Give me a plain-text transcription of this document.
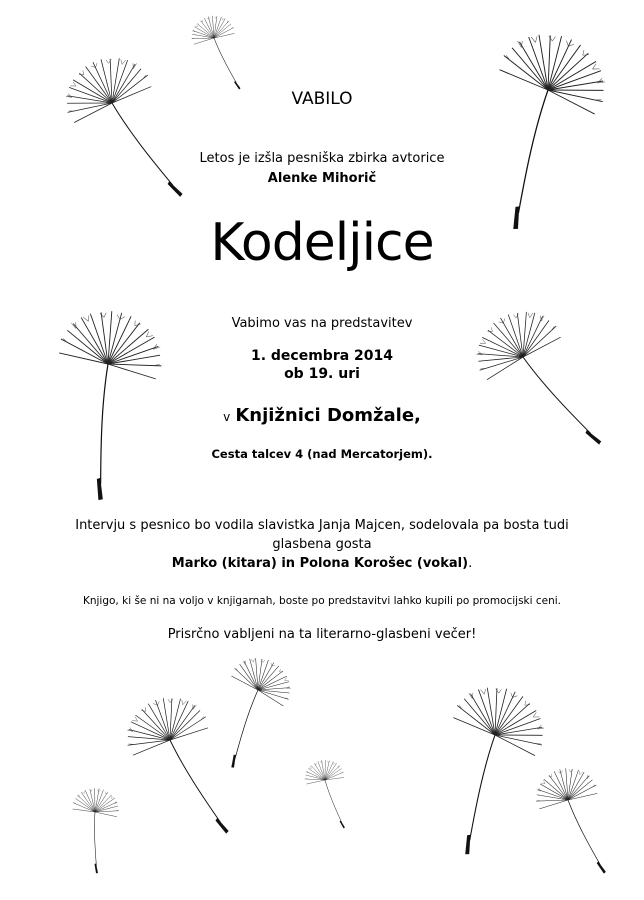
VABILO
Letos je izšla pesniška zbirka avtorice
Alenke Mihorič
Kodeljice
Vabimo vas na predstavitev
1. decembra 2014
ob 19. uri
v Knjižnici Domžale,
Cesta talcev 4 (nad Mercatorjem).
Intervju s pesnico bo vodila slavistka Janja Majcen, sodelovala pa bosta tudi
glasbena gosta
Marko (kitara) in Polona Korošec (vokal).
Knjigo, ki še ni na voljo v knjigarnah, boste po predstavitvi lahko kupili po promocijski ceni.
Prisrčno vabljeni na ta literarno-glasbeni večer!
